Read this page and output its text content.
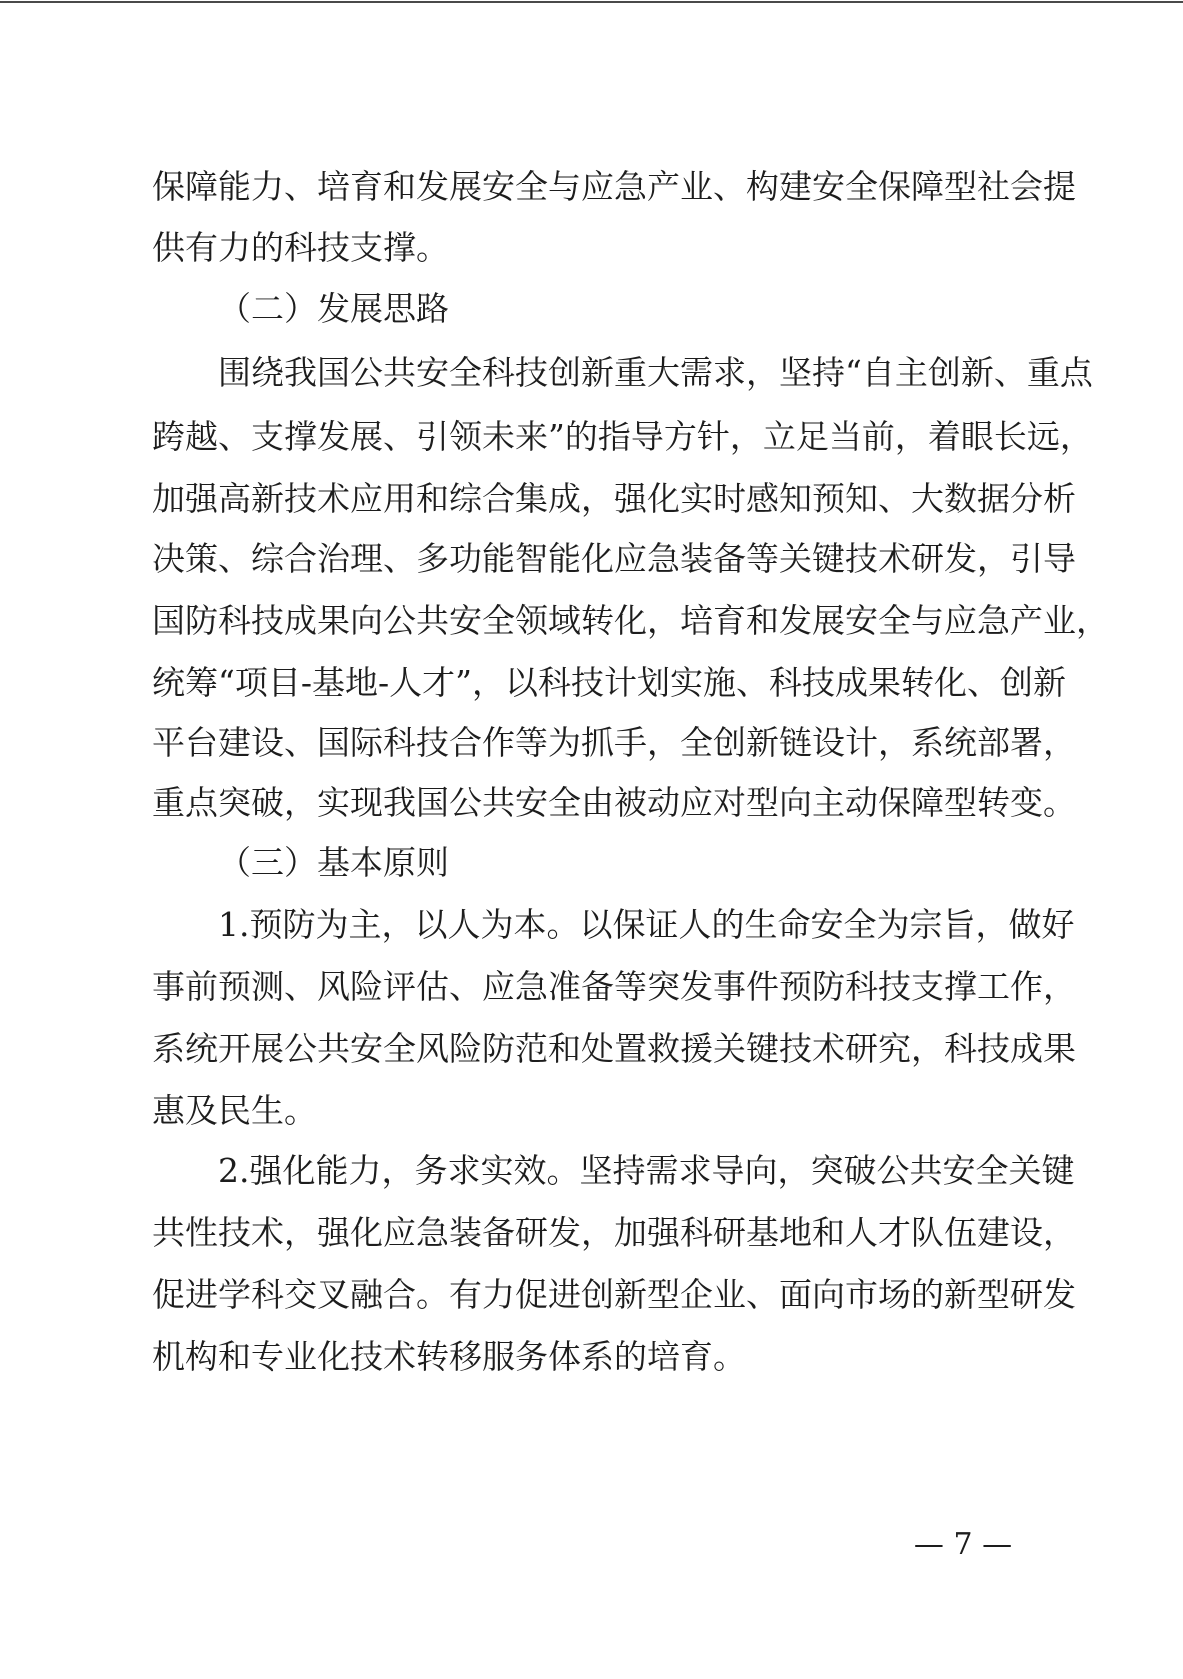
保障能力、培育和发展安全与应急产业、构建安全保障型社会提
供有力的科技支撑。
（二）发展思路
围绕我国公共安全科技创新重大需求，坚持“自主创新、重点
跨越、支撑发展、引领未来”的指导方针，立足当前，着眼长远，
加强高新技术应用和综合集成，强化实时感知预知、大数据分析
决策、综合治理、多功能智能化应急装备等关键技术研发，引导
国防科技成果向公共安全领域转化，培育和发展安全与应急产业，
统筹“项目-基地-人才”，以科技计划实施、科技成果转化、创新
平台建设、国际科技合作等为抓手，全创新链设计，系统部署，
重点突破，实现我国公共安全由被动应对型向主动保障型转变。
（三）基本原则
1.预防为主，以人为本。以保证人的生命安全为宗旨，做好
事前预测、风险评估、应急准备等突发事件预防科技支撑工作，
系统开展公共安全风险防范和处置救援关键技术研究，科技成果
惠及民生。
2.强化能力，务求实效。坚持需求导向，突破公共安全关键
共性技术，强化应急装备研发，加强科研基地和人才队伍建设，
促进学科交叉融合。有力促进创新型企业、面向市场的新型研发
机构和专业化技术转移服务体系的培育。
— 7 —
